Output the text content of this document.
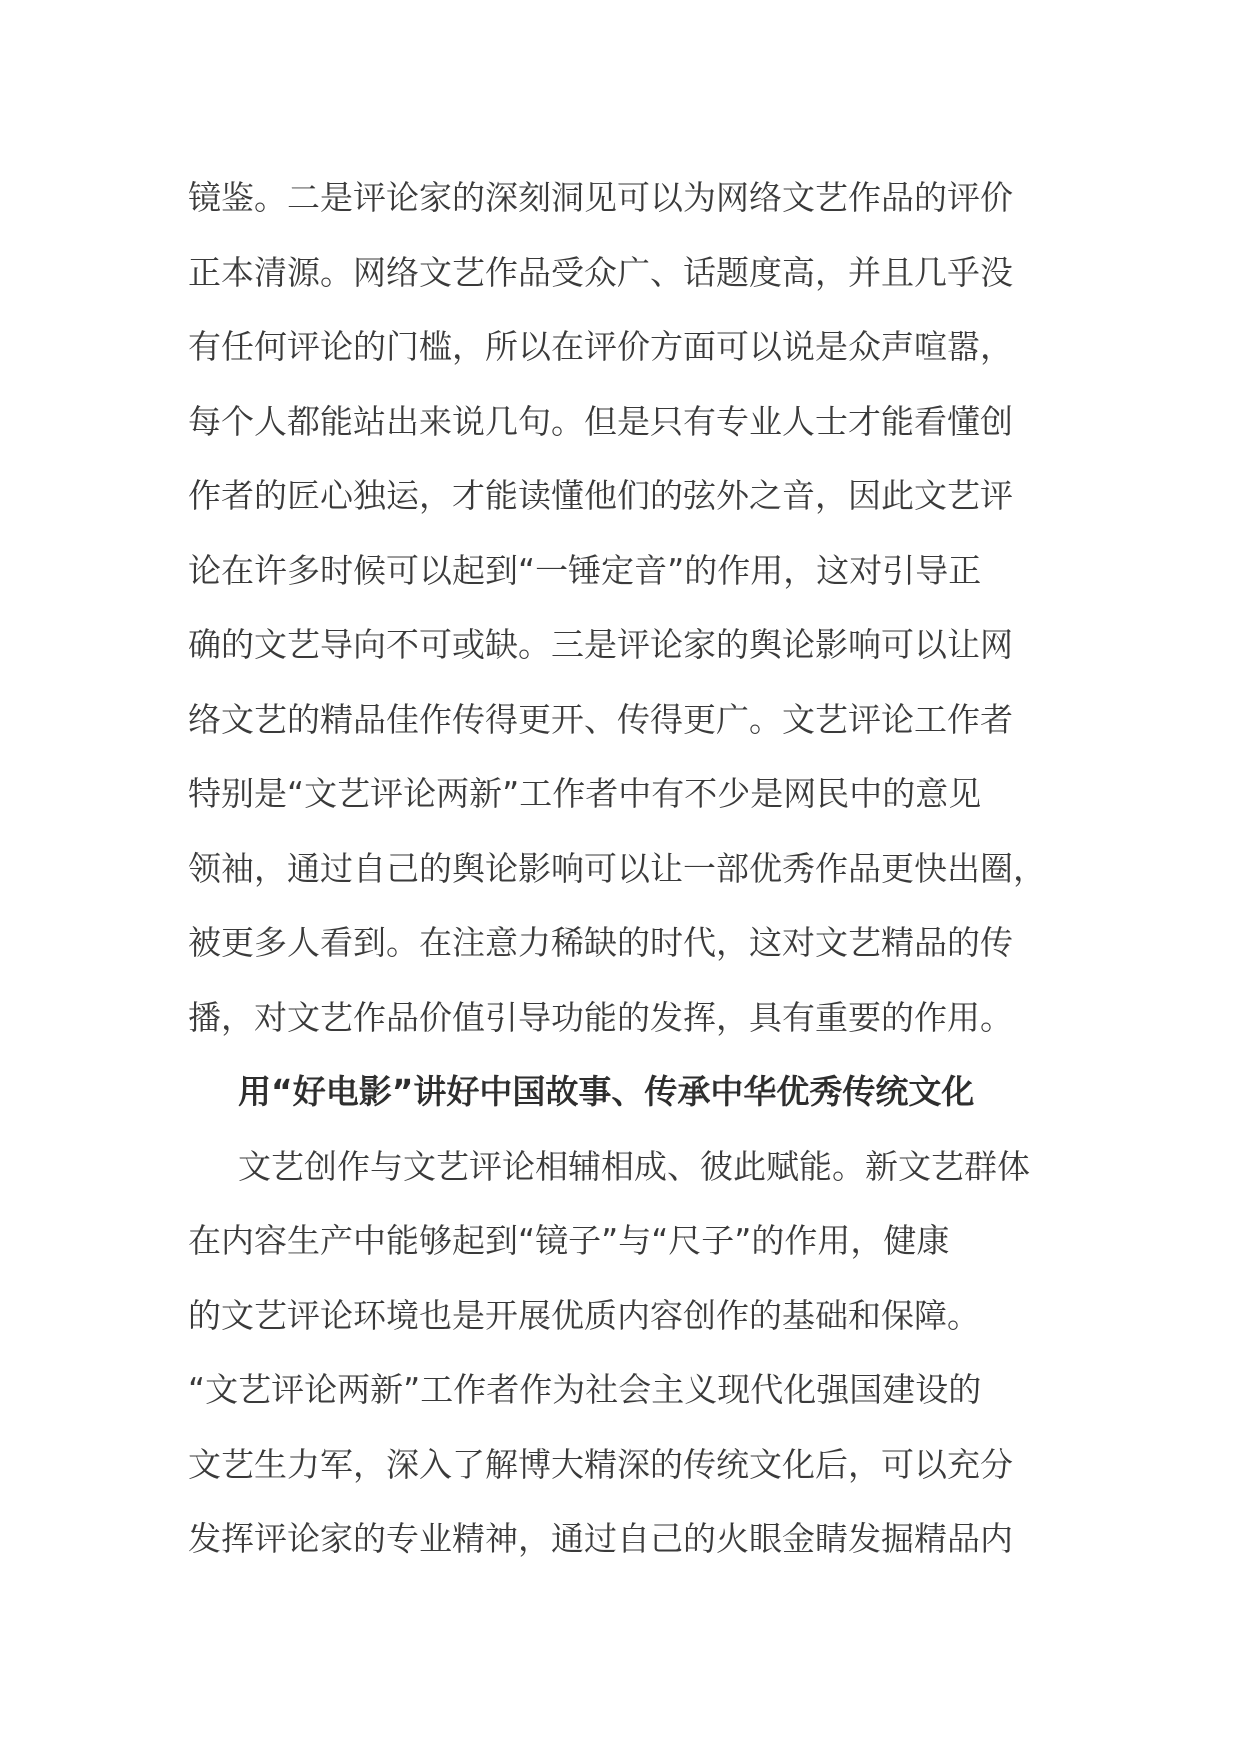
镜鉴。二是评论家的深刻洞见可以为网络文艺作品的评价
正本清源。网络文艺作品受众广、话题度高，并且几乎没
有任何评论的门槛，所以在评价方面可以说是众声喧嚣，
每个人都能站出来说几句。但是只有专业人士才能看懂创
作者的匠心独运，才能读懂他们的弦外之音，因此文艺评
论在许多时候可以起到“一锤定音”的作用，这对引导正
确的文艺导向不可或缺。三是评论家的舆论影响可以让网
络文艺的精品佳作传得更开、传得更广。文艺评论工作者
特别是“文艺评论两新”工作者中有不少是网民中的意见
领袖，通过自己的舆论影响可以让一部优秀作品更快出圈，
被更多人看到。在注意力稀缺的时代，这对文艺精品的传
播，对文艺作品价值引导功能的发挥，具有重要的作用。
用“好电影”讲好中国故事、传承中华优秀传统文化
文艺创作与文艺评论相辅相成、彼此赋能。新文艺群体
在内容生产中能够起到“镜子”与“尺子”的作用，健康
的文艺评论环境也是开展优质内容创作的基础和保障。
“文艺评论两新”工作者作为社会主义现代化强国建设的
文艺生力军，深入了解博大精深的传统文化后，可以充分
发挥评论家的专业精神，通过自己的火眼金睛发掘精品内
